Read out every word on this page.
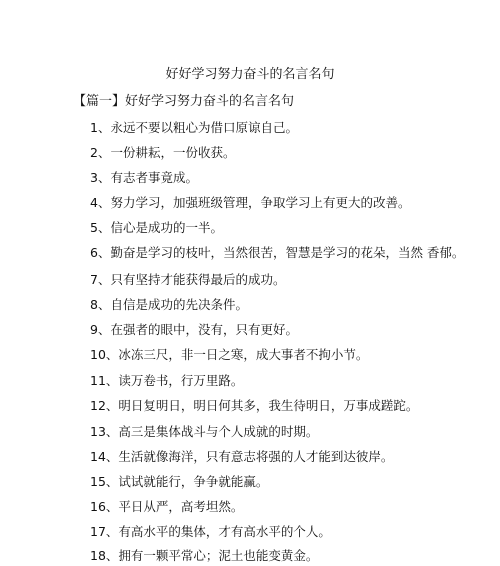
好好学习努力奋斗的名言名句
【篇一】好好学习努力奋斗的名言名句
1、永远不要以粗心为借口原谅自己。
2、一份耕耘，一份收获。
3、有志者事竟成。
4、努力学习，加强班级管理，争取学习上有更大的改善。
5、信心是成功的一半。
6、勤奋是学习的枝叶，当然很苦，智慧是学习的花朵，当然 香郁。
7、只有坚持才能获得最后的成功。
8、自信是成功的先决条件。
9、在强者的眼中，没有，只有更好。
10、冰冻三尺，非一日之寒，成大事者不拘小节。
11、读万卷书，行万里路。
12、明日复明日，明日何其多，我生待明日，万事成蹉跎。
13、高三是集体战斗与个人成就的时期。
14、生活就像海洋，只有意志将强的人才能到达彼岸。
15、试试就能行，争争就能赢。
16、平日从严，高考坦然。
17、有高水平的集体，才有高水平的个人。
18、拥有一颗平常心；泥土也能变黄金。
